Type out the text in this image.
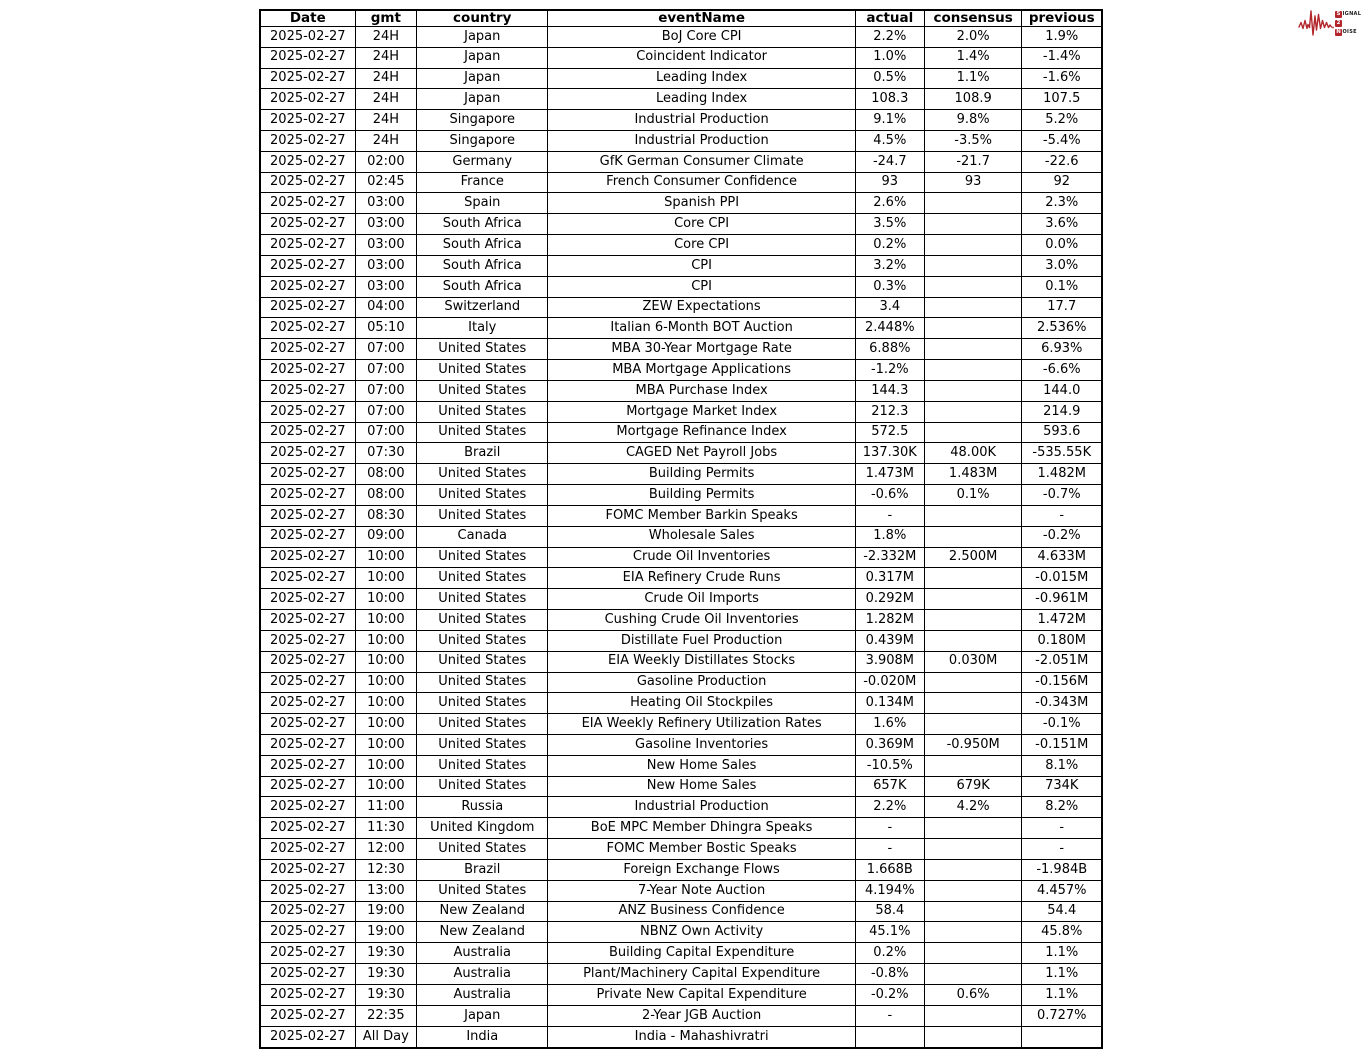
Date	gmt	country	eventName	actual	consensus	previous
2025-02-27	24H	Japan	BoJ Core CPI	2.2%	2.0%	1.9%
2025-02-27	24H	Japan	Coincident Indicator	1.0%	1.4%	-1.4%
2025-02-27	24H	Japan	Leading Index	0.5%	1.1%	-1.6%
2025-02-27	24H	Japan	Leading Index	108.3	108.9	107.5
2025-02-27	24H	Singapore	Industrial Production	9.1%	9.8%	5.2%
2025-02-27	24H	Singapore	Industrial Production	4.5%	-3.5%	-5.4%
2025-02-27	02:00	Germany	GfK German Consumer Climate	-24.7	-21.7	-22.6
2025-02-27	02:45	France	French Consumer Confidence	93	93	92
2025-02-27	03:00	Spain	Spanish PPI	2.6%		2.3%
2025-02-27	03:00	South Africa	Core CPI	3.5%		3.6%
2025-02-27	03:00	South Africa	Core CPI	0.2%		0.0%
2025-02-27	03:00	South Africa	CPI	3.2%		3.0%
2025-02-27	03:00	South Africa	CPI	0.3%		0.1%
2025-02-27	04:00	Switzerland	ZEW Expectations	3.4		17.7
2025-02-27	05:10	Italy	Italian 6-Month BOT Auction	2.448%		2.536%
2025-02-27	07:00	United States	MBA 30-Year Mortgage Rate	6.88%		6.93%
2025-02-27	07:00	United States	MBA Mortgage Applications	-1.2%		-6.6%
2025-02-27	07:00	United States	MBA Purchase Index	144.3		144.0
2025-02-27	07:00	United States	Mortgage Market Index	212.3		214.9
2025-02-27	07:00	United States	Mortgage Refinance Index	572.5		593.6
2025-02-27	07:30	Brazil	CAGED Net Payroll Jobs	137.30K	48.00K	-535.55K
2025-02-27	08:00	United States	Building Permits	1.473M	1.483M	1.482M
2025-02-27	08:00	United States	Building Permits	-0.6%	0.1%	-0.7%
2025-02-27	08:30	United States	FOMC Member Barkin Speaks	-		-
2025-02-27	09:00	Canada	Wholesale Sales	1.8%		-0.2%
2025-02-27	10:00	United States	Crude Oil Inventories	-2.332M	2.500M	4.633M
2025-02-27	10:00	United States	EIA Refinery Crude Runs	0.317M		-0.015M
2025-02-27	10:00	United States	Crude Oil Imports	0.292M		-0.961M
2025-02-27	10:00	United States	Cushing Crude Oil Inventories	1.282M		1.472M
2025-02-27	10:00	United States	Distillate Fuel Production	0.439M		0.180M
2025-02-27	10:00	United States	EIA Weekly Distillates Stocks	3.908M	0.030M	-2.051M
2025-02-27	10:00	United States	Gasoline Production	-0.020M		-0.156M
2025-02-27	10:00	United States	Heating Oil Stockpiles	0.134M		-0.343M
2025-02-27	10:00	United States	EIA Weekly Refinery Utilization Rates	1.6%		-0.1%
2025-02-27	10:00	United States	Gasoline Inventories	0.369M	-0.950M	-0.151M
2025-02-27	10:00	United States	New Home Sales	-10.5%		8.1%
2025-02-27	10:00	United States	New Home Sales	657K	679K	734K
2025-02-27	11:00	Russia	Industrial Production	2.2%	4.2%	8.2%
2025-02-27	11:30	United Kingdom	BoE MPC Member Dhingra Speaks	-		-
2025-02-27	12:00	United States	FOMC Member Bostic Speaks	-		-
2025-02-27	12:30	Brazil	Foreign Exchange Flows	1.668B		-1.984B
2025-02-27	13:00	United States	7-Year Note Auction	4.194%		4.457%
2025-02-27	19:00	New Zealand	ANZ Business Confidence	58.4		54.4
2025-02-27	19:00	New Zealand	NBNZ Own Activity	45.1%		45.8%
2025-02-27	19:30	Australia	Building Capital Expenditure	0.2%		1.1%
2025-02-27	19:30	Australia	Plant/Machinery Capital Expenditure	-0.8%		1.1%
2025-02-27	19:30	Australia	Private New Capital Expenditure	-0.2%	0.6%	1.1%
2025-02-27	22:35	Japan	2-Year JGB Auction	-		0.727%
2025-02-27	All Day	India	India - Mahashivratri			
S IGNAL
2
N OISE
